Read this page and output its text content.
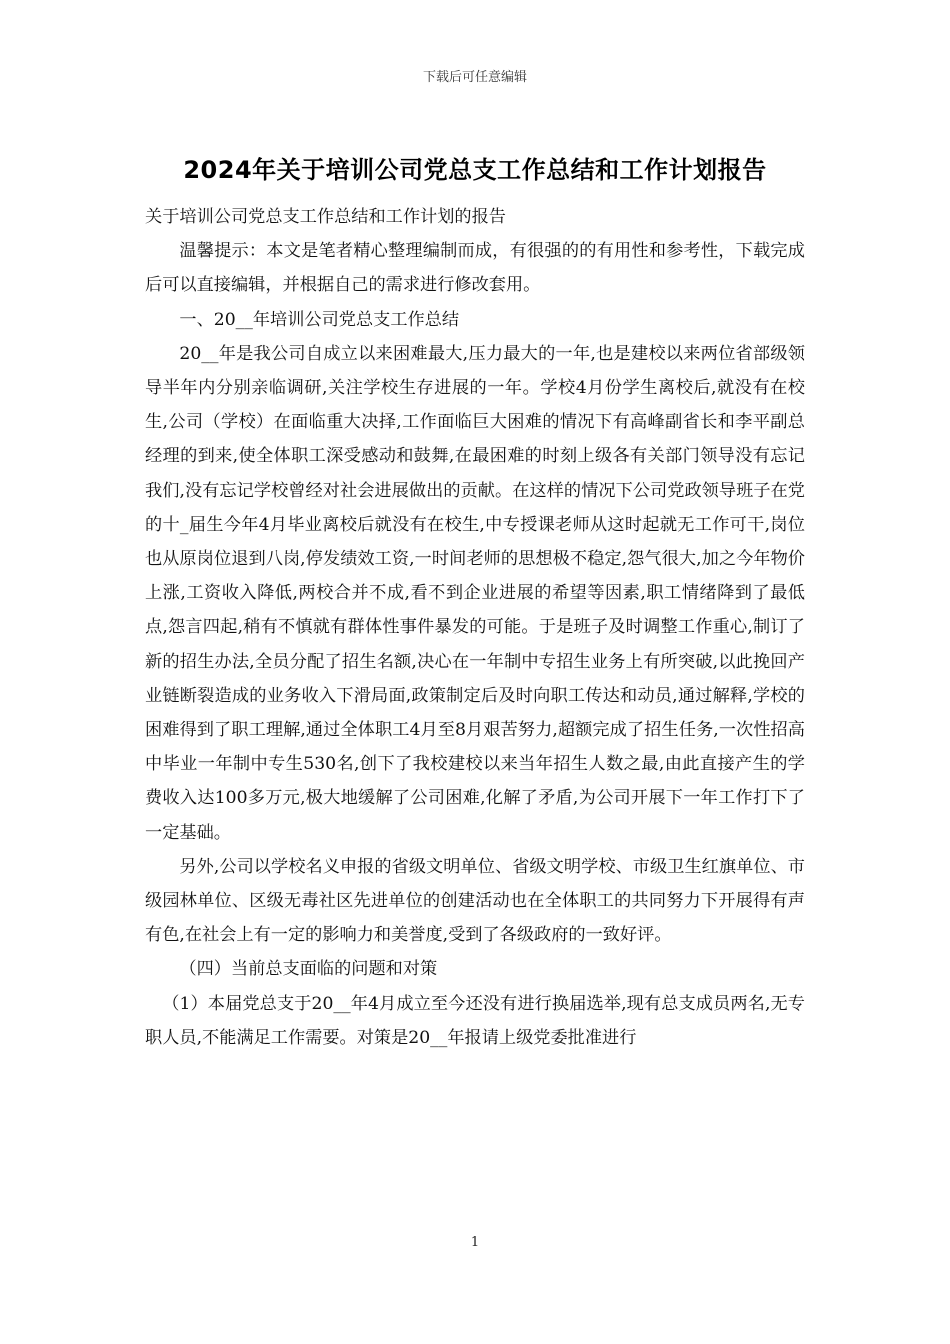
下载后可任意编辑
2024年关于培训公司党总支工作总结和工作计划报告

关于培训公司党总支工作总结和工作计划的报告

温馨提示：本文是笔者精心整理编制而成，有很强的的有用性和参考性，下载完成后可以直接编辑，并根据自己的需求进行修改套用。

一、20__年培训公司党总支工作总结

20__年是我公司自成立以来困难最大,压力最大的一年,也是建校以来两位省部级领导半年内分别亲临调研,关注学校生存进展的一年。学校4月份学生离校后,就没有在校生,公司（学校）在面临重大决择,工作面临巨大困难的情况下有高峰副省长和李平副总经理的到来,使全体职工深受感动和鼓舞,在最困难的时刻上级各有关部门领导没有忘记我们,没有忘记学校曾经对社会进展做出的贡献。在这样的情况下公司党政领导班子在党的十_届生今年4月毕业离校后就没有在校生,中专授课老师从这时起就无工作可干,岗位也从原岗位退到八岗,停发绩效工资,一时间老师的思想极不稳定,怨气很大,加之今年物价上涨,工资收入降低,两校合并不成,看不到企业进展的希望等因素,职工情绪降到了最低点,怨言四起,稍有不慎就有群体性事件暴发的可能。于是班子及时调整工作重心,制订了新的招生办法,全员分配了招生名额,决心在一年制中专招生业务上有所突破,以此挽回产业链断裂造成的业务收入下滑局面,政策制定后及时向职工传达和动员,通过解释,学校的困难得到了职工理解,通过全体职工4月至8月艰苦努力,超额完成了招生任务,一次性招高中毕业一年制中专生530名,创下了我校建校以来当年招生人数之最,由此直接产生的学费收入达100多万元,极大地缓解了公司困难,化解了矛盾,为公司开展下一年工作打下了一定基础。

另外,公司以学校名义申报的省级文明单位、省级文明学校、市级卫生红旗单位、市级园林单位、区级无毒社区先进单位的创建活动也在全体职工的共同努力下开展得有声有色,在社会上有一定的影响力和美誉度,受到了各级政府的一致好评。

（四）当前总支面临的问题和对策

（1）本届党总支于20__年4月成立至今还没有进行换届选举,现有总支成员两名,无专职人员,不能满足工作需要。对策是20__年报请上级党委批准进行

1
